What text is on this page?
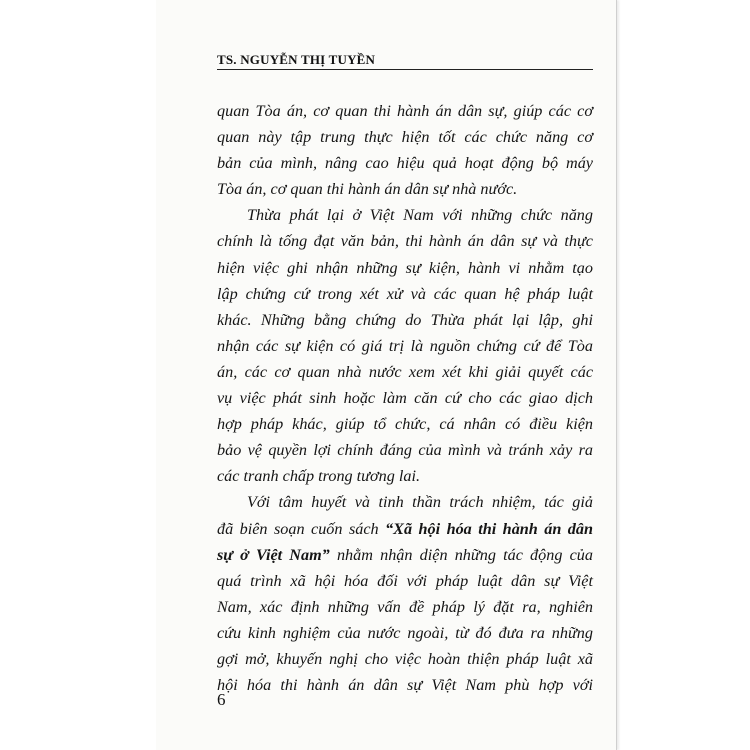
TS. NGUYỄN THỊ TUYỀN
quan Tòa án, cơ quan thi hành án dân sự, giúp các cơ
quan này tập trung thực hiện tốt các chức năng cơ
bản của mình, nâng cao hiệu quả hoạt động bộ máy
Tòa án, cơ quan thi hành án dân sự nhà nước.
Thừa phát lại ở Việt Nam với những chức năng
chính là tống đạt văn bản, thi hành án dân sự và thực
hiện việc ghi nhận những sự kiện, hành vi nhằm tạo
lập chứng cứ trong xét xử và các quan hệ pháp luật
khác. Những bằng chứng do Thừa phát lại lập, ghi
nhận các sự kiện có giá trị là nguồn chứng cứ để Tòa
án, các cơ quan nhà nước xem xét khi giải quyết các
vụ việc phát sinh hoặc làm căn cứ cho các giao dịch
hợp pháp khác, giúp tổ chức, cá nhân có điều kiện
bảo vệ quyền lợi chính đáng của mình và tránh xảy ra
các tranh chấp trong tương lai.
Với tâm huyết và tinh thần trách nhiệm, tác giả
đã biên soạn cuốn sách “Xã hội hóa thi hành án dân
sự ở Việt Nam” nhằm nhận diện những tác động của
quá trình xã hội hóa đối với pháp luật dân sự Việt
Nam, xác định những vấn đề pháp lý đặt ra, nghiên
cứu kinh nghiệm của nước ngoài, từ đó đưa ra những
gợi mở, khuyến nghị cho việc hoàn thiện pháp luật xã
hội hóa thi hành án dân sự Việt Nam phù hợp với
6
